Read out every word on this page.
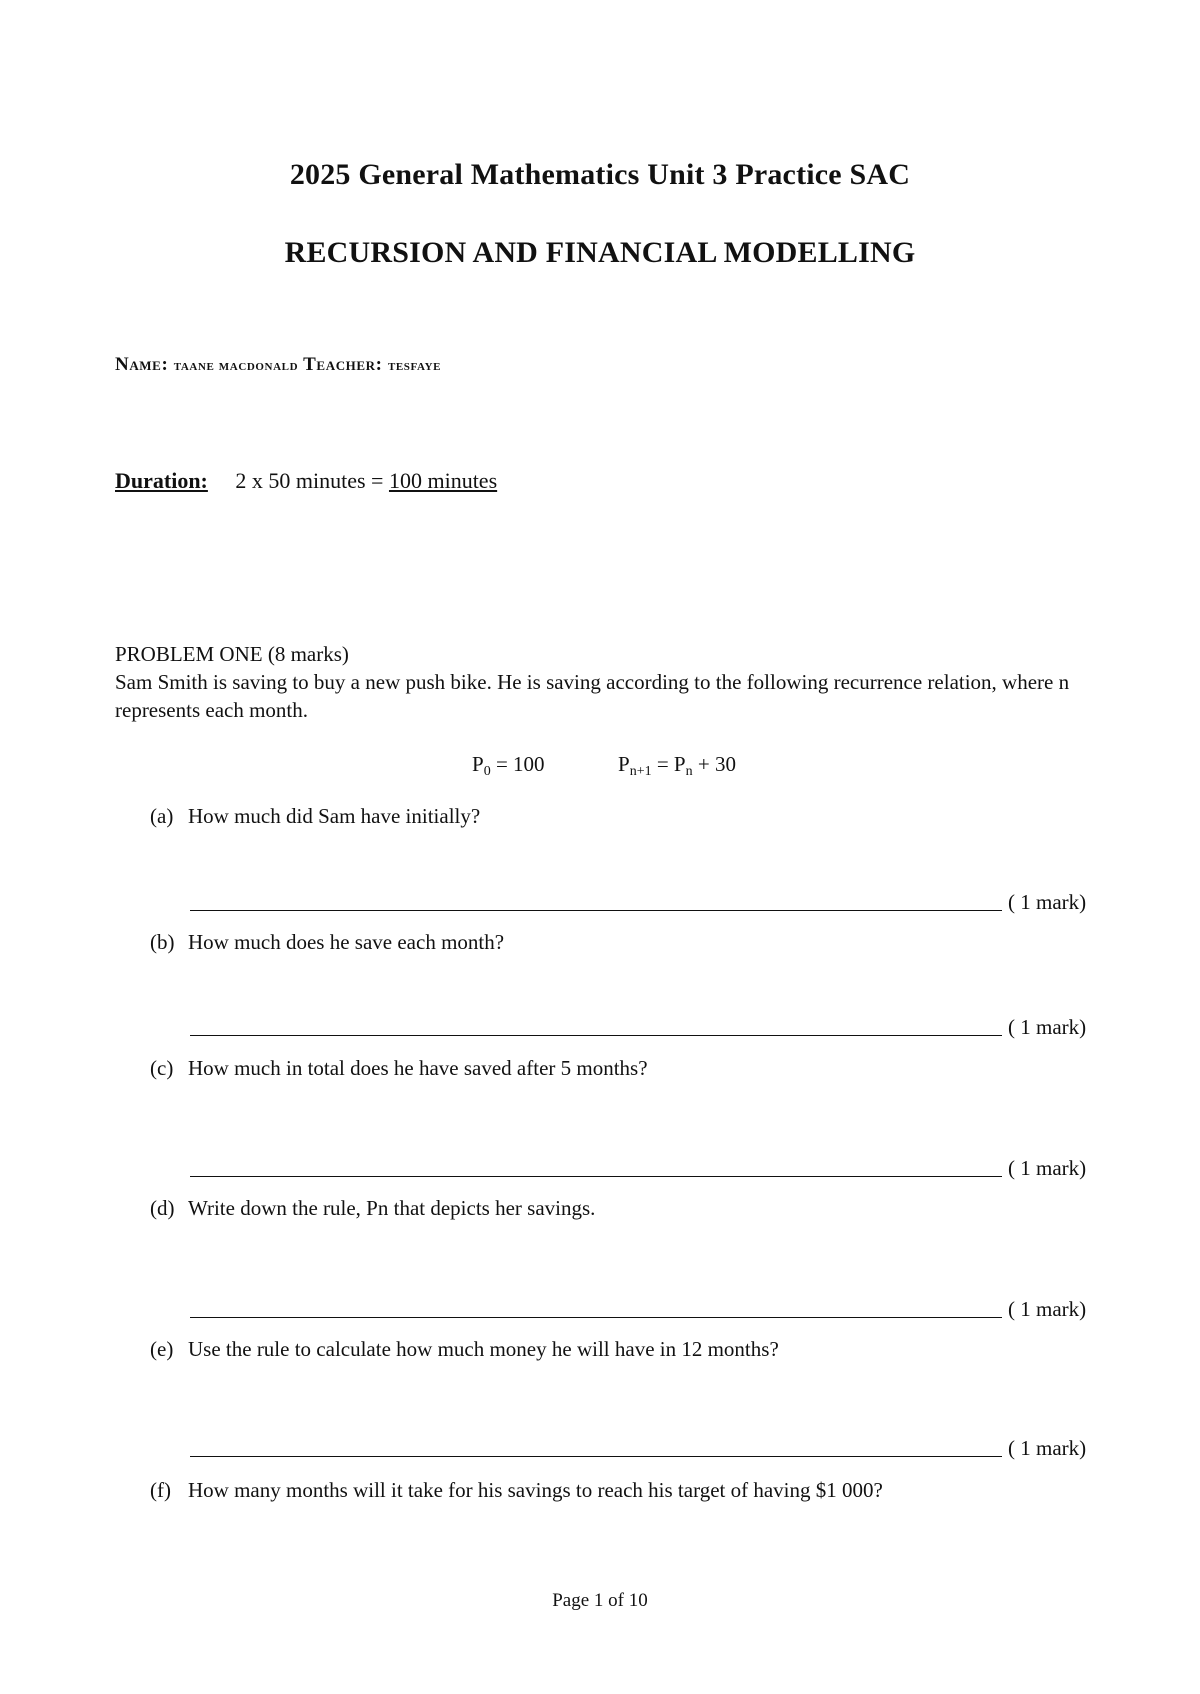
2025 General Mathematics Unit 3 Practice SAC
RECURSION AND FINANCIAL MODELLING
Name: taane macdonald Teacher: tesfaye
Duration: 2 x 50 minutes = 100 minutes
PROBLEM ONE (8 marks)
Sam Smith is saving to buy a new push bike. He is saving according to the following recurrence relation, where n represents each month.
$P_0 = 100$	$P_{n+1} = P_n + 30$
(a) How much did Sam have initially?
( 1 mark)
(b) How much does he save each month?
( 1 mark)
(c) How much in total does he have saved after 5 months?
( 1 mark)
(d) Write down the rule, Pn that depicts her savings.
( 1 mark)
(e) Use the rule to calculate how much money he will have in 12 months?
( 1 mark)
(f) How many months will it take for his savings to reach his target of having $1 000?
Page 1 of 10
